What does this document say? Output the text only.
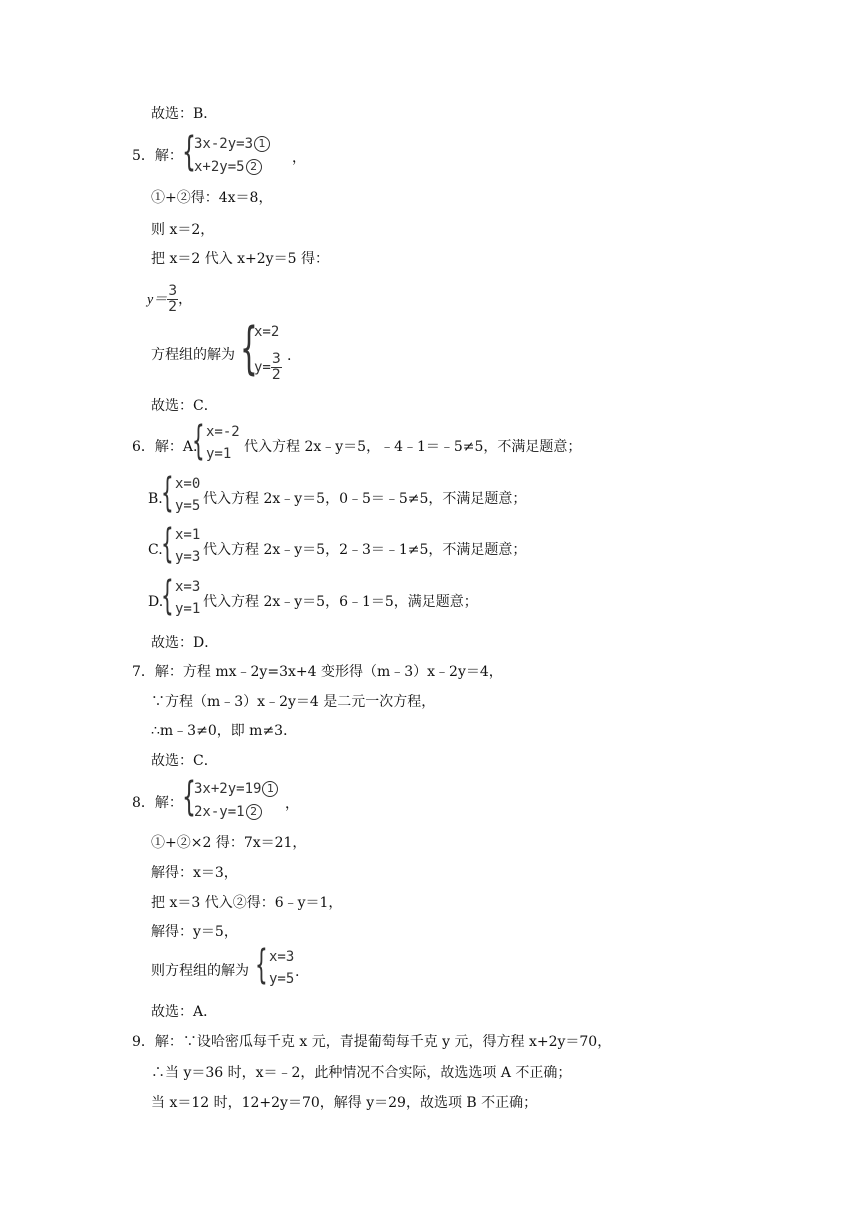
故选：B．
5．解： {
3x-2y=3 1
x+2y=5 2
，
①+②得：4x＝8，
则 x＝2，
把 x＝2 代入 x+2y＝5 得：
$y= \frac{3}{2}$ ，
方程组的解为 {
x=2
$y= \frac{3}{2}$ .
故选：C．
6．解：A.
{ x=-2
y=1 代入方程 2x﹣y＝5，﹣4﹣1＝﹣5≠5，不满足题意；
B.
{ x=0
y=5 代入方程 2x﹣y＝5，0﹣5＝﹣5≠5，不满足题意；
C.
{ x=1
y=3 代入方程 2x﹣y＝5，2﹣3＝﹣1≠5，不满足题意；
D.
{ x=3
y=1 代入方程 2x﹣y＝5，6﹣1＝5，满足题意；
故选：D．
7．解：方程 mx﹣2y=3x+4 变形得（m﹣3）x﹣2y＝4，
∵方程（m﹣3）x﹣2y＝4 是二元一次方程，
∴m﹣3≠0，即 m≠3．
故选：C．
8．解： {
3x+2y=19 1
2x-y=1 2	，
①+②×2 得：7x＝21，
解得：x＝3，
把 x＝3 代入②得：6﹣y＝1，
解得：y＝5，
则方程组的解为 { x=3
y=5 .
故选：A．
9．解：∵设哈密瓜每千克 x 元，青提葡萄每千克 y 元，得方程 x+2y＝70，
∴当 y＝36 时，x＝﹣2，此种情况不合实际，故选选项 A 不正确；
当 x＝12 时，12+2y＝70，解得 y＝29，故选项 B 不正确；
